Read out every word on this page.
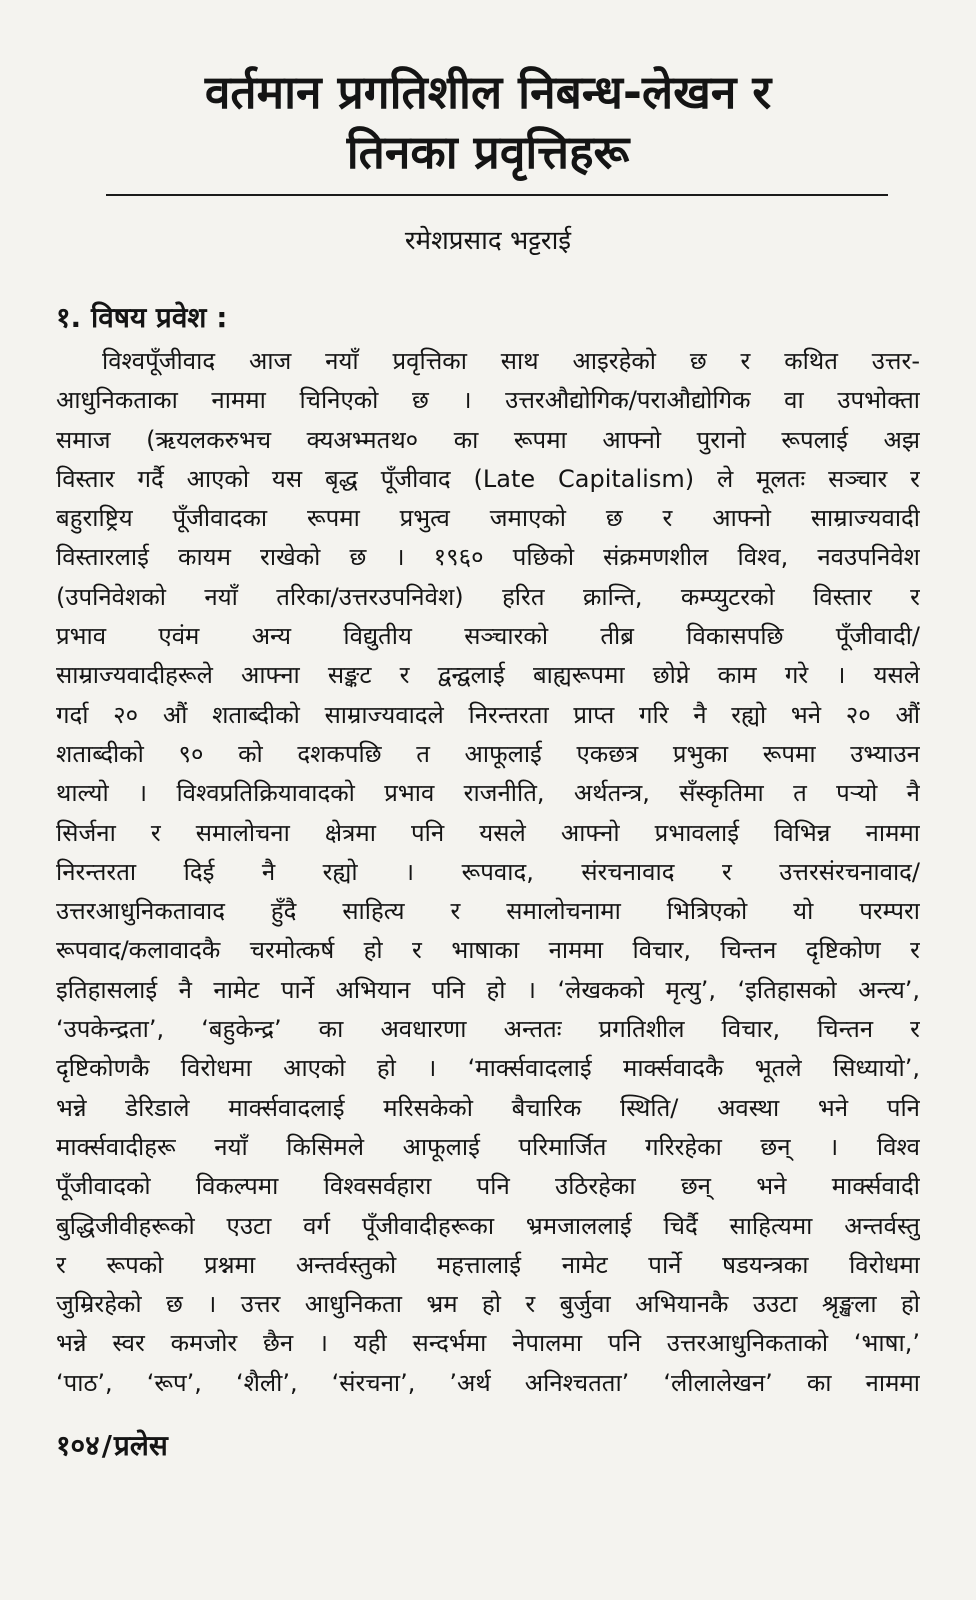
वर्तमान प्रगतिशील निबन्ध-लेखन र
तिनका प्रवृत्तिहरू
रमेशप्रसाद भट्टराई
१. विषय प्रवेश :
विश्वपूँजीवाद आज नयाँ प्रवृत्तिका साथ आइरहेको छ र कथित उत्तर-
आधुनिकताका नाममा चिनिएको छ । उत्तरऔद्योगिक/पराऔद्योगिक वा उपभोक्ता
समाज (ऋयलकरुभच क्यअभ्मतथ० का रूपमा आफ्नो पुरानो रूपलाई अझ
विस्तार गर्दै आएको यस बृद्ध पूँजीवाद (Late Capitalism) ले मूलतः सञ्चार र
बहुराष्ट्रिय पूँजीवादका रूपमा प्रभुत्व जमाएको छ र आफ्नो साम्राज्यवादी
विस्तारलाई कायम राखेको छ । १९६० पछिको संक्रमणशील विश्व, नवउपनिवेश
(उपनिवेशको नयाँ तरिका/उत्तरउपनिवेश) हरित क्रान्ति, कम्प्युटरको विस्तार र
प्रभाव एवंम अन्य विद्युतीय सञ्चारको तीब्र विकासपछि पूँजीवादी/
साम्राज्यवादीहरूले आफ्ना सङ्कट र द्वन्द्वलाई बाह्यरूपमा छोप्ने काम गरे । यसले
गर्दा २० औं शताब्दीको साम्राज्यवादले निरन्तरता प्राप्त गरि नै रह्यो भने २० औं
शताब्दीको ९० को दशकपछि त आफूलाई एकछत्र प्रभुका रूपमा उभ्याउन
थाल्यो । विश्वप्रतिक्रियावादको प्रभाव राजनीति, अर्थतन्त्र, सँस्कृतिमा त पर्‍यो नै
सिर्जना र समालोचना क्षेत्रमा पनि यसले आफ्नो प्रभावलाई विभिन्न नाममा
निरन्तरता दिई नै रह्यो । रूपवाद, संरचनावाद र उत्तरसंरचनावाद/
उत्तरआधुनिकतावाद हुँदै साहित्य र समालोचनामा भित्रिएको यो परम्परा
रूपवाद/कलावादकै चरमोत्कर्ष हो र भाषाका नाममा विचार, चिन्तन दृष्टिकोण र
इतिहासलाई नै नामेट पार्ने अभियान पनि हो । ‘लेखकको मृत्यु’, ‘इतिहासको अन्त्य’,
‘उपकेन्द्रता’, ‘बहुकेन्द्र’ का अवधारणा अन्ततः प्रगतिशील विचार, चिन्तन र
दृष्टिकोणकै विरोधमा आएको हो । ‘मार्क्सवादलाई मार्क्सवादकै भूतले सिध्यायो’,
भन्ने डेरिडाले मार्क्सवादलाई मरिसकेको बैचारिक स्थिति/ अवस्था भने पनि
मार्क्सवादीहरू नयाँ किसिमले आफूलाई परिमार्जित गरिरहेका छन् । विश्व
पूँजीवादको विकल्पमा विश्वसर्वहारा पनि उठिरहेका छन् भने मार्क्सवादी
बुद्धिजीवीहरूको एउटा वर्ग पूँजीवादीहरूका भ्रमजाललाई चिर्दै साहित्यमा अन्तर्वस्तु
र रूपको प्रश्नमा अन्तर्वस्तुको महत्तालाई नामेट पार्ने षडयन्त्रका विरोधमा
जुम्रिरहेको छ । उत्तर आधुनिकता भ्रम हो र बुर्जुवा अभियानकै उउटा श्रृङ्खला हो
भन्ने स्वर कमजोर छैन । यही सन्दर्भमा नेपालमा पनि उत्तरआधुनिकताको ‘भाषा,’
‘पाठ’, ‘रूप’, ‘शैली’, ‘संरचना’, ’अर्थ अनिश्चतता’ ‘लीलालेखन’ का नाममा
१०४/प्रलेस
